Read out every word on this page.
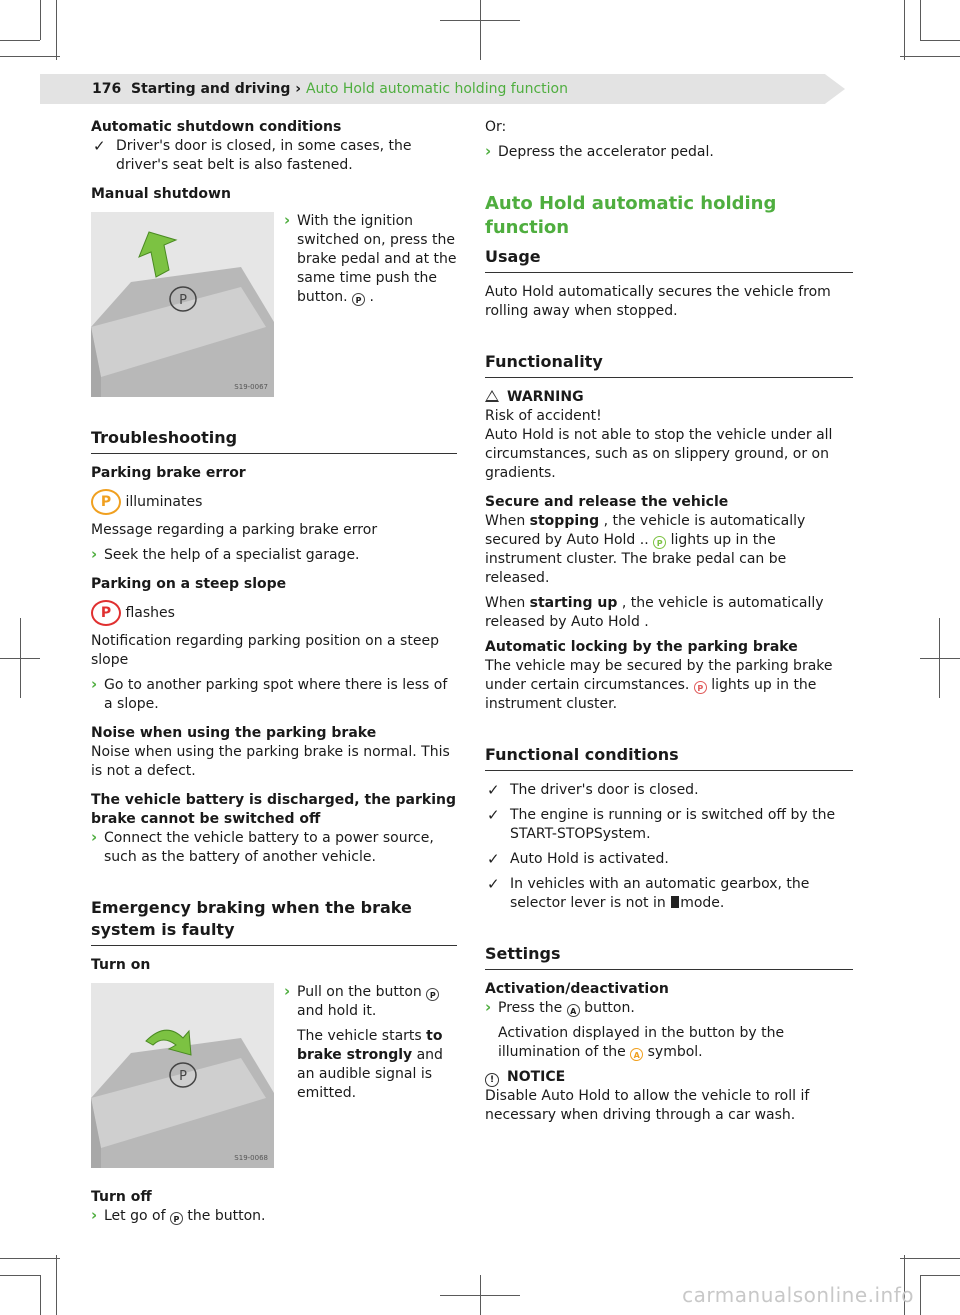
176 Starting and driving › Auto Hold automatic holding function

Automatic shutdown conditions

✓ Driver's door is closed, in some cases, the driver's seat belt is also fastened.

Manual shutdown

P
S19-0067

› With the ignition switched on, press the brake pedal and at the same time push the button. P .

Troubleshooting

Parking brake error

P illuminates

Message regarding a parking brake error

› Seek the help of a specialist garage.

Parking on a steep slope

P flashes

Notification regarding parking position on a steep slope

› Go to another parking spot where there is less of a slope.

Noise when using the parking brake

Noise when using the parking brake is normal. This is not a defect.

The vehicle battery is discharged, the parking brake cannot be switched off

› Connect the vehicle battery to a power source, such as the battery of another vehicle.

Emergency braking when the brake system is faulty

Turn on

P
S19-0068

› Pull on the button P and hold it.

The vehicle starts to brake strongly and an audible signal is emitted.

Turn off

› Let go of P the button.

Or:

› Depress the accelerator pedal.

Auto Hold automatic holding function

Usage

Auto Hold automatically secures the vehicle from rolling away when stopped.

Functionality

WARNING

Risk of accident!

Auto Hold is not able to stop the vehicle under all circumstances, such as on slippery ground, or on gradients.

Secure and release the vehicle

When stopping , the vehicle is automatically secured by Auto Hold .. P lights up in the instrument cluster. The brake pedal can be released.

When starting up , the vehicle is automatically released by Auto Hold .

Automatic locking by the parking brake

The vehicle may be secured by the parking brake under certain circumstances. P lights up in the instrument cluster.

Functional conditions

✓ The driver's door is closed.

✓ The engine is running or is switched off by the START-STOPSystem.

✓ Auto Hold is activated.

✓ In vehicles with an automatic gearbox, the selector lever is not in mode.

Settings

Activation/deactivation

› Press the A button.

Activation displayed in the button by the illumination of the A symbol.

! NOTICE

Disable Auto Hold to allow the vehicle to roll if necessary when driving through a car wash.

carmanualsonline.info
